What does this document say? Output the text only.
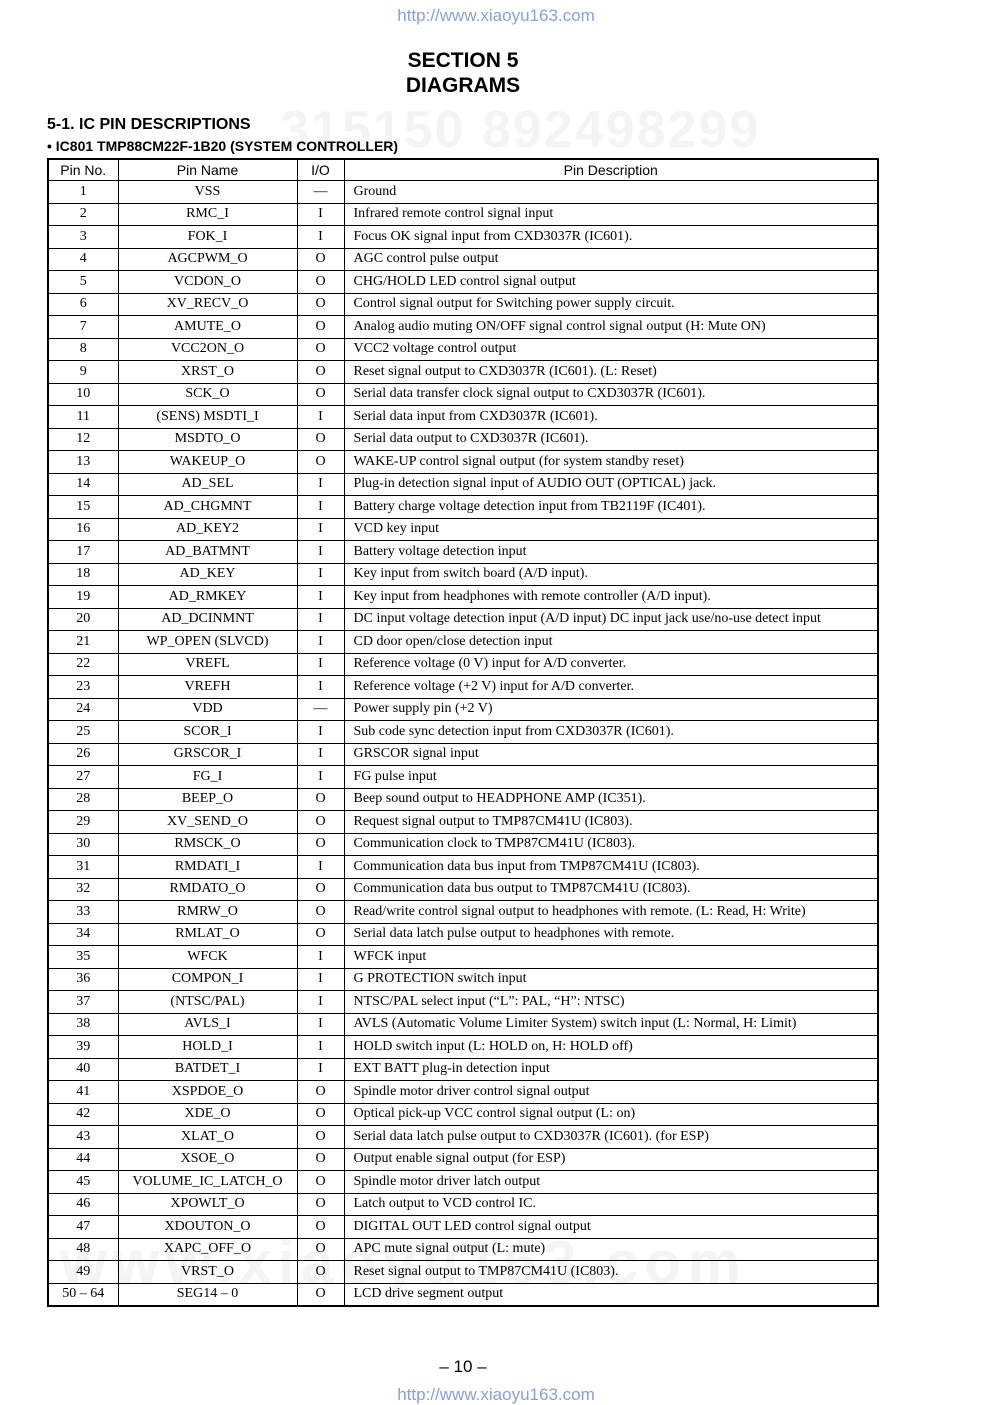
http://www.xiaoyu163.com
SECTION 5
DIAGRAMS
5-1. IC PIN DESCRIPTIONS
• IC801 TMP88CM22F-1B20 (SYSTEM CONTROLLER)
Pin No.	Pin Name	I/O	Pin Description
1	VSS	—	Ground
2	RMC_I	I	Infrared remote control signal input
3	FOK_I	I	Focus OK signal input from CXD3037R (IC601).
4	AGCPWM_O	O	AGC control pulse output
5	VCDON_O	O	CHG/HOLD LED control signal output
6	XV_RECV_O	O	Control signal output for Switching power supply circuit.
7	AMUTE_O	O	Analog audio muting ON/OFF signal control signal output (H: Mute ON)
8	VCC2ON_O	O	VCC2 voltage control output
9	XRST_O	O	Reset signal output to CXD3037R (IC601). (L: Reset)
10	SCK_O	O	Serial data transfer clock signal output to CXD3037R (IC601).
11	(SENS) MSDTI_I	I	Serial data input from CXD3037R (IC601).
12	MSDTO_O	O	Serial data output to CXD3037R (IC601).
13	WAKEUP_O	O	WAKE-UP control signal output (for system standby reset)
14	AD_SEL	I	Plug-in detection signal input of AUDIO OUT (OPTICAL) jack.
15	AD_CHGMNT	I	Battery charge voltage detection input from TB2119F (IC401).
16	AD_KEY2	I	VCD key input
17	AD_BATMNT	I	Battery voltage detection input
18	AD_KEY	I	Key input from switch board (A/D input).
19	AD_RMKEY	I	Key input from headphones with remote controller (A/D input).
20	AD_DCINMNT	I	DC input voltage detection input (A/D input) DC input jack use/no-use detect input
21	WP_OPEN (SLVCD)	I	CD door open/close detection input
22	VREFL	I	Reference voltage (0 V) input for A/D converter.
23	VREFH	I	Reference voltage (+2 V) input for A/D converter.
24	VDD	—	Power supply pin (+2 V)
25	SCOR_I	I	Sub code sync detection input from CXD3037R (IC601).
26	GRSCOR_I	I	GRSCOR signal input
27	FG_I	I	FG pulse input
28	BEEP_O	O	Beep sound output to HEADPHONE AMP (IC351).
29	XV_SEND_O	O	Request signal output to TMP87CM41U (IC803).
30	RMSCK_O	O	Communication clock to TMP87CM41U (IC803).
31	RMDATI_I	I	Communication data bus input from TMP87CM41U (IC803).
32	RMDATO_O	O	Communication data bus output to TMP87CM41U (IC803).
33	RMRW_O	O	Read/write control signal output to headphones with remote. (L: Read, H: Write)
34	RMLAT_O	O	Serial data latch pulse output to headphones with remote.
35	WFCK	I	WFCK input
36	COMPON_I	I	G PROTECTION switch input
37	(NTSC/PAL)	I	NTSC/PAL select input (“L”: PAL, “H”: NTSC)
38	AVLS_I	I	AVLS (Automatic Volume Limiter System) switch input (L: Normal, H: Limit)
39	HOLD_I	I	HOLD switch input (L: HOLD on, H: HOLD off)
40	BATDET_I	I	EXT BATT plug-in detection input
41	XSPDOE_O	O	Spindle motor driver control signal output
42	XDE_O	O	Optical pick-up VCC control signal output (L: on)
43	XLAT_O	O	Serial data latch pulse output to CXD3037R (IC601). (for ESP)
44	XSOE_O	O	Output enable signal output (for ESP)
45	VOLUME_IC_LATCH_O	O	Spindle motor driver latch output
46	XPOWLT_O	O	Latch output to VCD control IC.
47	XDOUTON_O	O	DIGITAL OUT LED control signal output
48	XAPC_OFF_O	O	APC mute signal output (L: mute)
49	VRST_O	O	Reset signal output to TMP87CM41U (IC803).
50 – 64	SEG14 – 0	O	LCD drive segment output
– 10 –
http://www.xiaoyu163.com
